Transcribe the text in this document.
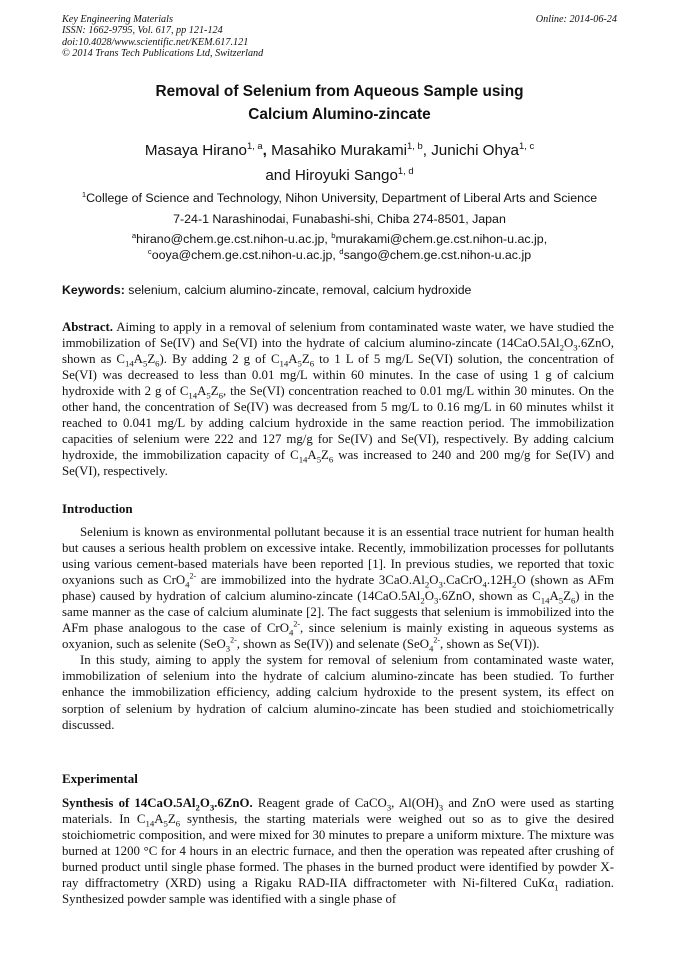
Key Engineering Materials
ISSN: 1662-9795, Vol. 617, pp 121-124
doi:10.4028/www.scientific.net/KEM.617.121
© 2014 Trans Tech Publications Ltd, Switzerland
Online: 2014-06-24
Removal of Selenium from Aqueous Sample using
Calcium Alumino-zincate
Masaya Hirano$^{1, a}$, Masahiko Murakami$^{1, b}$, Junichi Ohya$^{1, c}$
and Hiroyuki Sango$^{1, d}$
$^1$College of Science and Technology, Nihon University, Department of Liberal Arts and Science
7-24-1 Narashinodai, Funabashi-shi, Chiba 274-8501, Japan
$^a$hirano@chem.ge.cst.nihon-u.ac.jp, $^b$murakami@chem.ge.cst.nihon-u.ac.jp,
$^c$ooya@chem.ge.cst.nihon-u.ac.jp, $^d$sango@chem.ge.cst.nihon-u.ac.jp
Keywords: selenium, calcium alumino-zincate, removal, calcium hydroxide
Abstract. Aiming to apply in a removal of selenium from contaminated waste water, we have studied the immobilization of Se(IV) and Se(VI) into the hydrate of calcium alumino-zincate ($14CaO.5Al_2O_3.6ZnO$, shown as $C_{14}A_5Z_6$). By adding 2 g of $C_{14}A_5Z_6$ to 1 L of 5 mg/L Se(VI) solution, the concentration of Se(VI) was decreased to less than 0.01 mg/L within 60 minutes. In the case of using 1 g of calcium hydroxide with 2 g of $C_{14}A_5Z_6$, the Se(VI) concentration reached to 0.01 mg/L within 30 minutes. On the other hand, the concentration of Se(IV) was decreased from 5 mg/L to 0.16 mg/L in 60 minutes whilst it reached to 0.041 mg/L by adding calcium hydroxide in the same reaction period. The immobilization capacities of selenium were 222 and 127 mg/g for Se(IV) and Se(VI), respectively. By adding calcium hydroxide, the immobilization capacity of $C_{14}A_5Z_6$ was increased to 240 and 200 mg/g for Se(IV) and Se(VI), respectively.
Introduction

Selenium is known as environmental pollutant because it is an essential trace nutrient for human health but causes a serious health problem on excessive intake. Recently, immobilization processes for pollutants using various cement-based materials have been reported [1]. In previous studies, we reported that toxic oxyanions such as CrO$_4^{2-}$ are immobilized into the hydrate $3CaO.Al_2O_3.CaCrO_4.12H_2O$ (shown as AFm phase) caused by hydration of calcium alumino-zincate ($14CaO.5Al_2O_3.6ZnO$, shown as $C_{14}A_5Z_6$) in the same manner as the case of calcium aluminate [2]. The fact suggests that selenium is immobilized into the AFm phase analogous to the case of CrO$_4^{2-}$, since selenium is mainly existing in aqueous systems as oxyanion, such as selenite (SeO$_3^{2-}$, shown as Se(IV)) and selenate (SeO$_4^{2-}$, shown as Se(VI)).

In this study, aiming to apply the system for removal of selenium from contaminated waste water, immobilization of selenium into the hydrate of calcium alumino-zincate has been studied. To further enhance the immobilization efficiency, adding calcium hydroxide to the present system, its effect on sorption of selenium by hydration of calcium alumino-zincate has been studied and stoichiometrically discussed.

Experimental
Synthesis of $14CaO.5Al_2O_3.6ZnO$. Reagent grade of CaCO$_3$, $Al(OH)_3$ and ZnO were used as starting materials. In $C_{14}A_5Z_6$ synthesis, the starting materials were weighed out so as to give the desired stoichiometric composition, and were mixed for 30 minutes to prepare a uniform mixture. The mixture was burned at 1200 °C for 4 hours in an electric furnace, and then the operation was repeated after crushing of burned product until single phase formed. The phases in the burned product were identified by powder X-ray diffractometry (XRD) using a Rigaku RAD-IIA diffractometer with Ni-filtered CuKα$_1$ radiation. Synthesized powder sample was identified with a single phase of
